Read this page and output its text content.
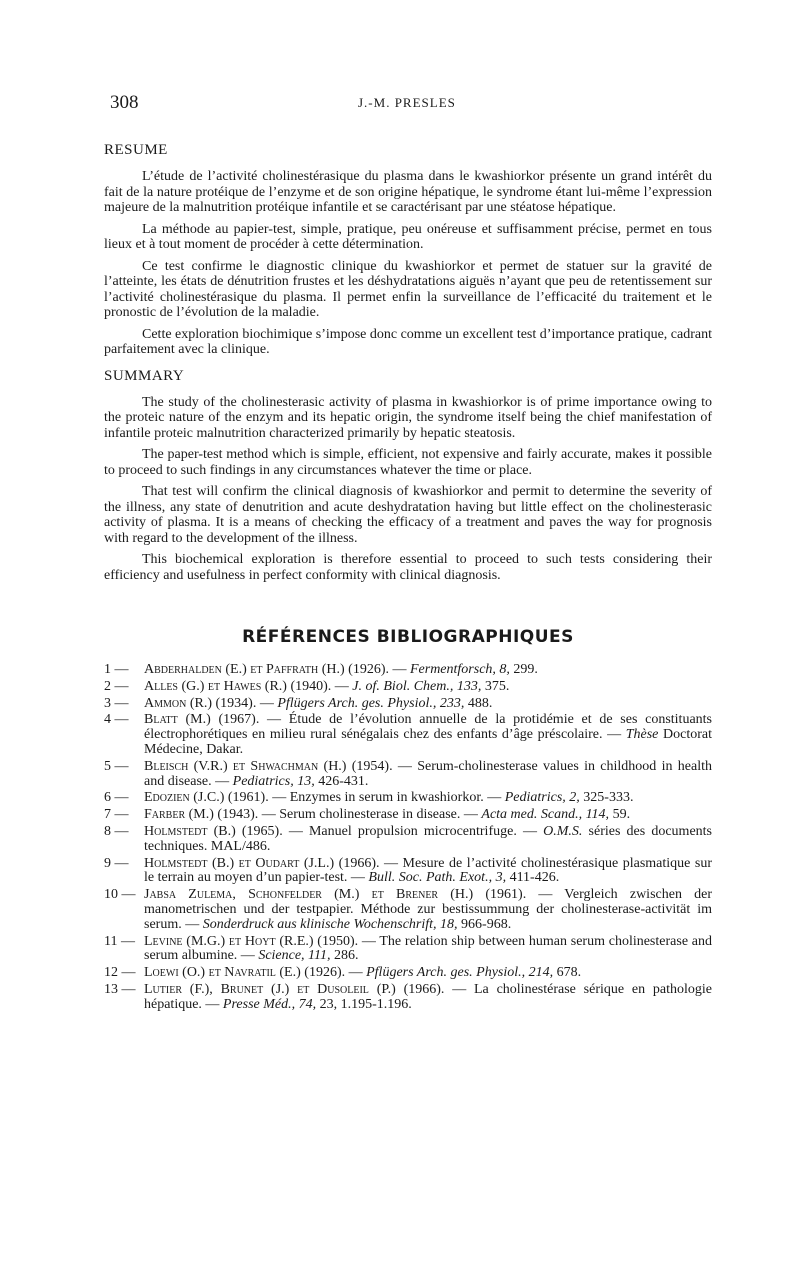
308	J.-M. PRESLES
RESUME

L’étude de l’activité cholinestérasique du plasma dans le kwashiorkor présente un grand intérêt du fait de la nature protéique de l’enzyme et de son origine hépatique, le syndrome étant lui-même l’expression majeure de la malnutrition protéique infantile et se caractérisant par une stéatose hépatique.

La méthode au papier-test, simple, pratique, peu onéreuse et suffisamment précise, permet en tous lieux et à tout moment de procéder à cette détermination.

Ce test confirme le diagnostic clinique du kwashiorkor et permet de statuer sur la gravité de l’atteinte, les états de dénutrition frustes et les déshydratations aiguës n’ayant que peu de retentissement sur l’activité cholinestérasique du plasma. Il permet enfin la surveillance de l’efficacité du traitement et le pronostic de l’évolution de la maladie.

Cette exploration biochimique s’impose donc comme un excellent test d’importance pratique, cadrant parfaitement avec la clinique.

SUMMARY

The study of the cholinesterasic activity of plasma in kwashiorkor is of prime importance owing to the proteic nature of the enzym and its hepatic origin, the syndrome itself being the chief manifestation of infantile proteic malnutrition characterized primarily by hepatic steatosis.

The paper-test method which is simple, efficient, not expensive and fairly accurate, makes it possible to proceed to such findings in any circumstances whatever the time or place.

That test will confirm the clinical diagnosis of kwashiorkor and permit to determine the severity of the illness, any state of denutrition and acute deshydratation having but little effect on the cholinesterasic activity of plasma. It is a means of checking the efficacy of a treatment and paves the way for prognosis with regard to the development of the illness.

This biochemical exploration is therefore essential to proceed to such tests considering their efficiency and usefulness in perfect conformity with clinical diagnosis.

RÉFÉRENCES BIBLIOGRAPHIQUES
1 —	Abderhalden (E.) et Paffrath (H.) (1926). — Fermentforsch, 8, 299.
2 —	Alles (G.) et Hawes (R.) (1940). — J. of. Biol. Chem., 133, 375.
3 —	Ammon (R.) (1934). — Pflügers Arch. ges. Physiol., 233, 488.
4 —	Blatt (M.) (1967). — Étude de l’évolution annuelle de la protidémie et de ses constituants électrophorétiques en milieu rural sénégalais chez des enfants d’âge préscolaire. — Thèse Doctorat Médecine, Dakar.
5 —	Bleisch (V.R.) et Shwachman (H.) (1954). — Serum-cholinesterase values in childhood in health and disease. — Pediatrics, 13, 426-431.
6 —	Edozien (J.C.) (1961). — Enzymes in serum in kwashiorkor. — Pediatrics, 2, 325-333.
7 —	Farber (M.) (1943). — Serum cholinesterase in disease. — Acta med. Scand., 114, 59.
8 —	Holmstedt (B.) (1965). — Manuel propulsion microcentrifuge. — O.M.S. séries des documents techniques. MAL/486.
9 —	Holmstedt (B.) et Oudart (J.L.) (1966). — Mesure de l’activité cholinestérasique plasmatique sur le terrain au moyen d’un papier-test. — Bull. Soc. Path. Exot., 3, 411-426.
10 — Jabsa Zulema, Schonfelder (M.) et Brener (H.) (1961). — Vergleich zwischen der manometrischen und der testpapier. Méthode zur bestissummung der cholinesterase-activität im serum. — Sonderdruck aus klinische Wochenschrift, 18, 966-968.
11 — Levine (M.G.) et Hoyt (R.E.) (1950). — The relation ship between human serum cholinesterase and serum albumine. — Science, 111, 286.
12 — Loewi (O.) et Navratil (E.) (1926). — Pflügers Arch. ges. Physiol., 214, 678.
13 — Lutier (F.), Brunet (J.) et Dusoleil (P.) (1966). — La cholinestérase sérique en pathologie hépatique. — Presse Méd., 74, 23, 1.195-1.196.
